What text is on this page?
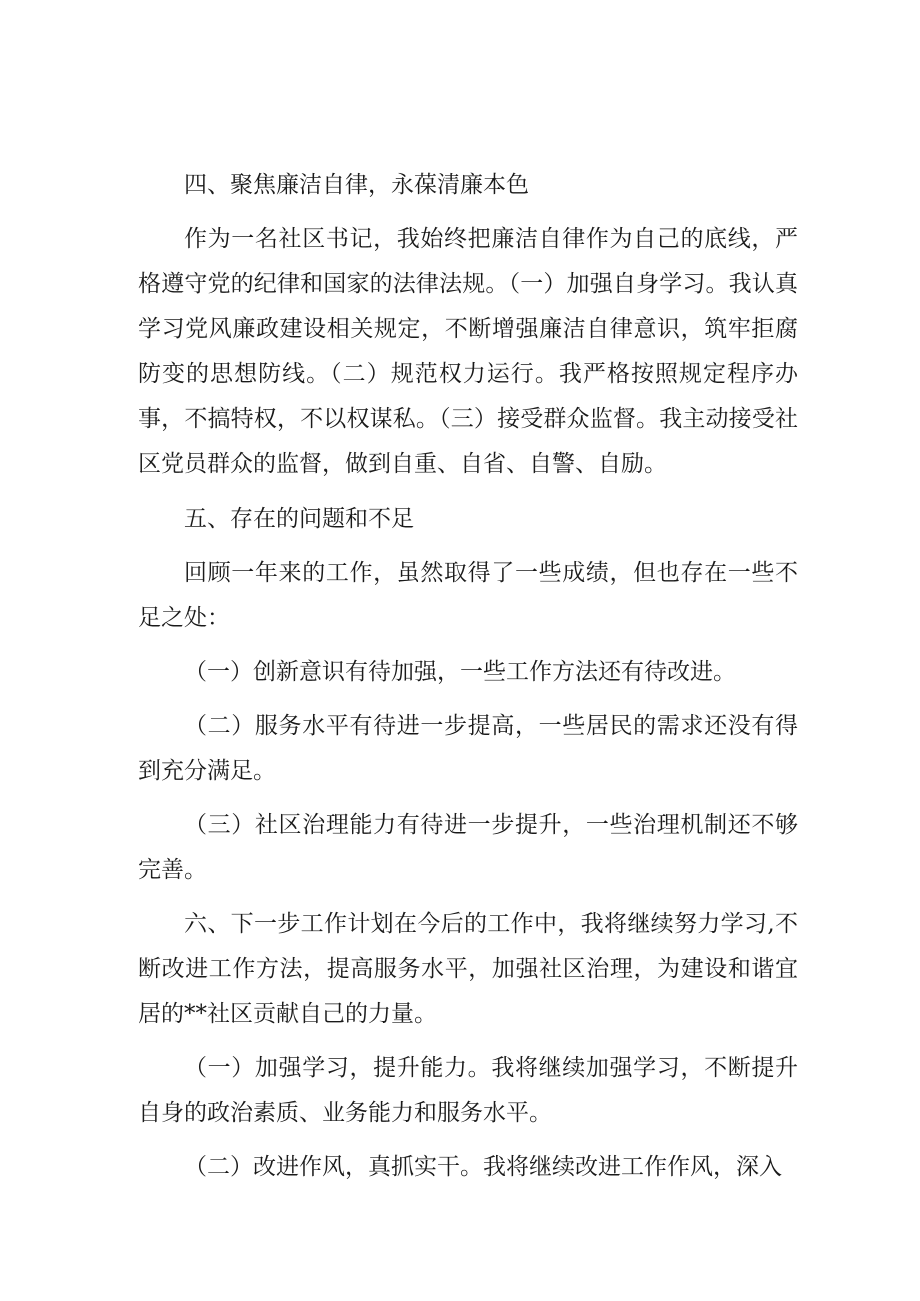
四、聚焦廉洁自律，永葆清廉本色

作为一名社区书记，我始终把廉洁自律作为自己的底线，严格遵守党的纪律和国家的法律法规。（一）加强自身学习。我认真学习党风廉政建设相关规定，不断增强廉洁自律意识，筑牢拒腐防变的思想防线。（二）规范权力运行。我严格按照规定程序办事，不搞特权，不以权谋私。（三）接受群众监督。我主动接受社区党员群众的监督，做到自重、自省、自警、自励。

五、存在的问题和不足

回顾一年来的工作，虽然取得了一些成绩，但也存在一些不足之处：

（一）创新意识有待加强，一些工作方法还有待改进。

（二）服务水平有待进一步提高，一些居民的需求还没有得到充分满足。

（三）社区治理能力有待进一步提升，一些治理机制还不够完善。

六、下一步工作计划在今后的工作中，我将继续努力学习,不断改进工作方法，提高服务水平，加强社区治理，为建设和谐宜居的**社区贡献自己的力量。

（一）加强学习，提升能力。我将继续加强学习，不断提升自身的政治素质、业务能力和服务水平。

（二）改进作风，真抓实干。我将继续改进工作作风，深入
